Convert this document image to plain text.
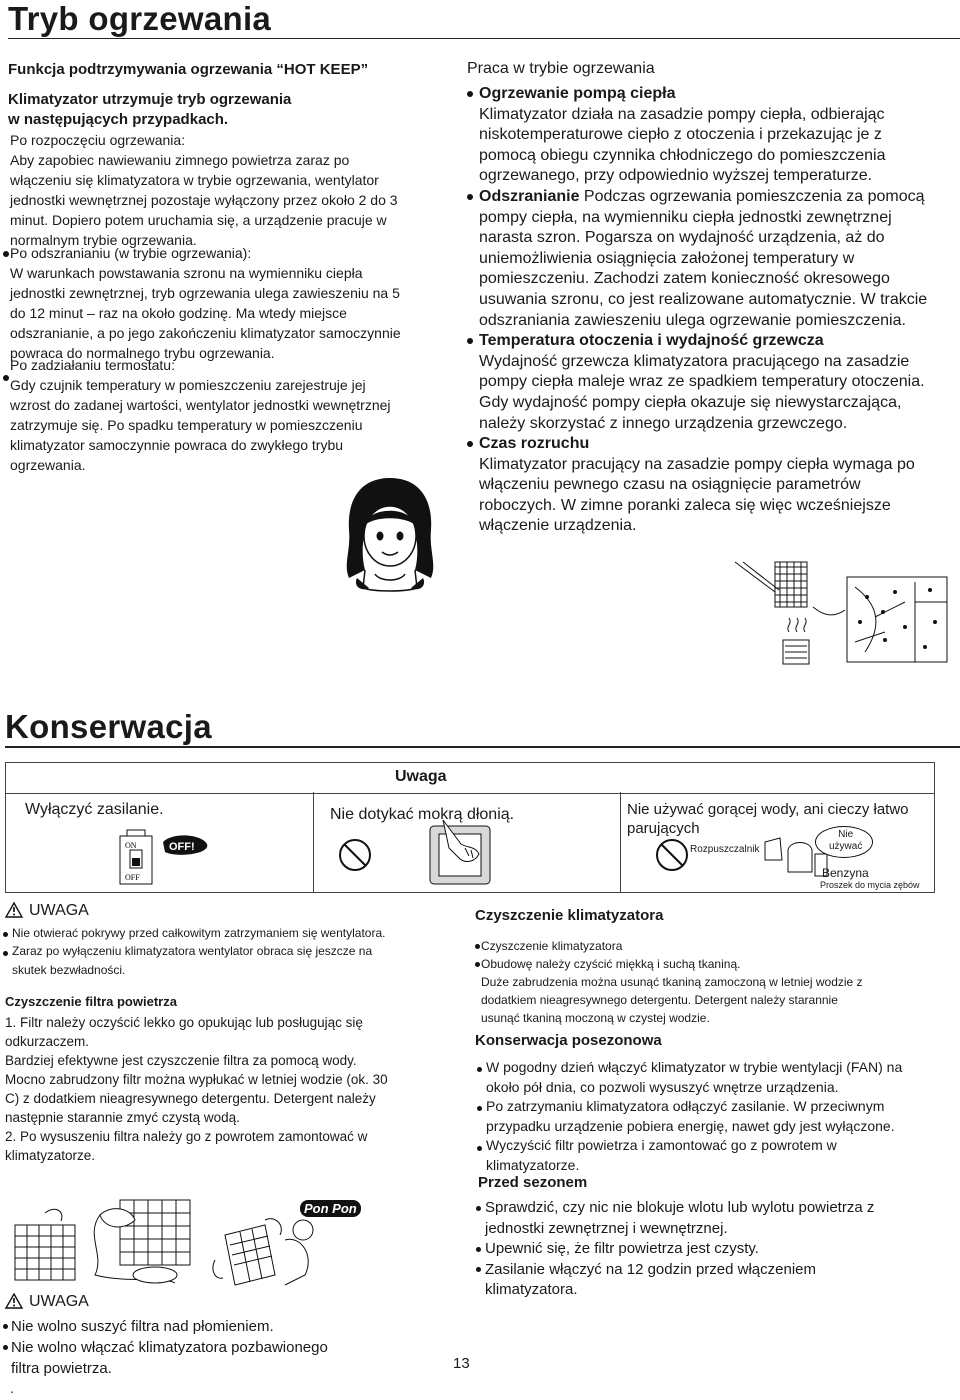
Tryb ogrzewania
Funkcja podtrzymywania ogrzewania “HOT KEEP”
Klimatyzator utrzymuje tryb ogrzewania
w następujących przypadkach.

Po rozpoczęciu ogrzewania:

Aby zapobiec nawiewaniu zimnego powietrza zaraz po

włączeniu się klimatyzatora w trybie ogrzewania, wentylator

jednostki wewnętrznej pozostaje wyłączony przez około 2 do 3

minut. Dopiero potem uruchamia się, a urządzenie pracuje w

normalnym trybie ogrzewania.

Po odszranianiu (w trybie ogrzewania):

W warunkach powstawania szronu na wymienniku ciepła

jednostki zewnętrznej, tryb ogrzewania ulega zawieszeniu na 5

do 12 minut – raz na około godzinę. Ma wtedy miejsce

odszranianie, a po jego zakończeniu klimatyzator samoczynnie

powraca do normalnego trybu ogrzewania.

Po zadziałaniu termostatu:

Gdy czujnik temperatury w pomieszczeniu zarejestruje jej

wzrost do zadanej wartości, wentylator jednostki wewnętrznej

zatrzymuje się. Po spadku temperatury w pomieszczeniu

klimatyzator samoczynnie powraca do zwykłego trybu

ogrzewania.

Praca w trybie ogrzewania
Ogrzewanie pompą ciepła
Klimatyzator działa na zasadzie pompy ciepła, odbierając
niskotemperaturowe ciepło z otoczenia i przekazując je z
pomocą obiegu czynnika chłodniczego do pomieszczenia
ogrzewanego, przy odpowiednio wyższej temperaturze.
Odszranianie Podczas ogrzewania pomieszczenia za pomocą
pompy ciepła, na wymienniku ciepła jednostki zewnętrznej
narasta szron. Pogarsza on wydajność urządzenia, aż do
uniemożliwienia osiągnięcia założonej temperatury w
pomieszczeniu. Zachodzi zatem konieczność okresowego
usuwania szronu, co jest realizowane automatycznie. W trakcie
odszraniania zawieszeniu ulega ogrzewanie pomieszczenia.
Temperatura otoczenia i wydajność grzewcza
Wydajność grzewcza klimatyzatora pracującego na zasadzie
pompy ciepła maleje wraz ze spadkiem temperatury otoczenia.
Gdy wydajność pompy ciepła okazuje się niewystarczająca,
należy skorzystać z innego urządzenia grzewczego.
Czas rozruchu
Klimatyzator pracujący na zasadzie pompy ciepła wymaga po
włączeniu pewnego czasu na osiągnięcie parametrów
roboczych. W zimne poranki zaleca się więc wcześniejsze
włączenie urządzenia.
Konserwacja
Uwaga
Wyłączyć zasilanie.	Nie dotykać mokrą dłonią.	Nie używać gorącej wody, ani cieczy łatwo
parujących
ON
OFF
OFF!	Rozpuszczalnik
Nie
używać
Benzyna
Proszek do mycia zębów
UWAGA
Nie otwierać pokrywy przed całkowitym zatrzymaniem się wentylatora.
Zaraz po wyłączeniu klimatyzatora wentylator obraca się jeszcze na
skutek bezwładności.
Czyszczenie filtra powietrza
1. Filtr należy oczyścić lekko go opukując lub posługując się
odkurzaczem.
Bardziej efektywne jest czyszczenie filtra za pomocą wody.
Mocno zabrudzony filtr można wypłukać w letniej wodzie (ok. 30
C) z dodatkiem nieagresywnego detergentu. Detergent należy
następnie starannie zmyć czystą wodą.
2. Po wysuszeniu filtra należy go z powrotem zamontować w
klimatyzatorze.
Pon Pon
UWAGA
Nie wolno suszyć filtra nad płomieniem.
Nie wolno włączać klimatyzatora pozbawionego
filtra powietrza.
.
13
Czyszczenie klimatyzatora
Czyszczenie klimatyzatora
Obudowę należy czyścić miękką i suchą tkaniną.
Duże zabrudzenia można usunąć tkaniną zamoczoną w letniej wodzie z
dodatkiem nieagresywnego detergentu. Detergent należy starannie
usunąć tkaniną moczoną w czystej wodzie.
Konserwacja posezonowa
W pogodny dzień włączyć klimatyzator w trybie wentylacji (FAN) na
około pół dnia, co pozwoli wysuszyć wnętrze urządzenia.
Po zatrzymaniu klimatyzatora odłączyć zasilanie. W przeciwnym
przypadku urządzenie pobiera energię, nawet gdy jest wyłączone.
Wyczyścić filtr powietrza i zamontować go z powrotem w
klimatyzatorze.
Przed sezonem
Sprawdzić, czy nic nie blokuje wlotu lub wylotu powietrza z
jednostki zewnętrznej i wewnętrznej.
Upewnić się, że filtr powietrza jest czysty.
Zasilanie włączyć na 12 godzin przed włączeniem
klimatyzatora.
